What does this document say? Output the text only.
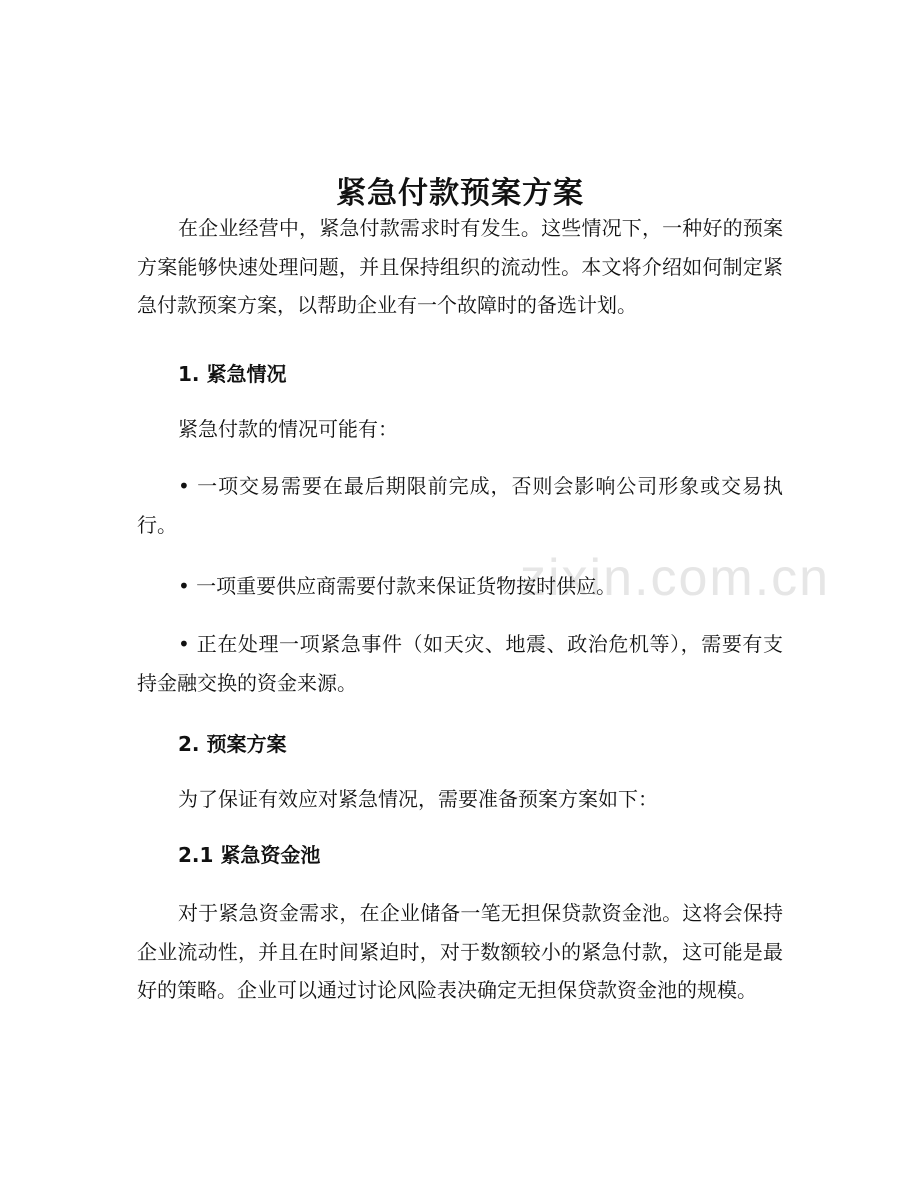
zixin.com.cn
紧急付款预案方案

在企业经营中，紧急付款需求时有发生。这些情况下，一种好的预案方案能够快速处理问题，并且保持组织的流动性。本文将介绍如何制定紧急付款预案方案，以帮助企业有一个故障时的备选计划。

1. 紧急情况

紧急付款的情况可能有：

• 一项交易需要在最后期限前完成，否则会影响公司形象或交易执行。

• 一项重要供应商需要付款来保证货物按时供应。

• 正在处理一项紧急事件（如天灾、地震、政治危机等），需要有支持金融交换的资金来源。

2. 预案方案

为了保证有效应对紧急情况，需要准备预案方案如下：

2.1 紧急资金池

对于紧急资金需求，在企业储备一笔无担保贷款资金池。这将会保持企业流动性，并且在时间紧迫时，对于数额较小的紧急付款，这可能是最好的策略。企业可以通过讨论风险表决确定无担保贷款资金池的规模。
